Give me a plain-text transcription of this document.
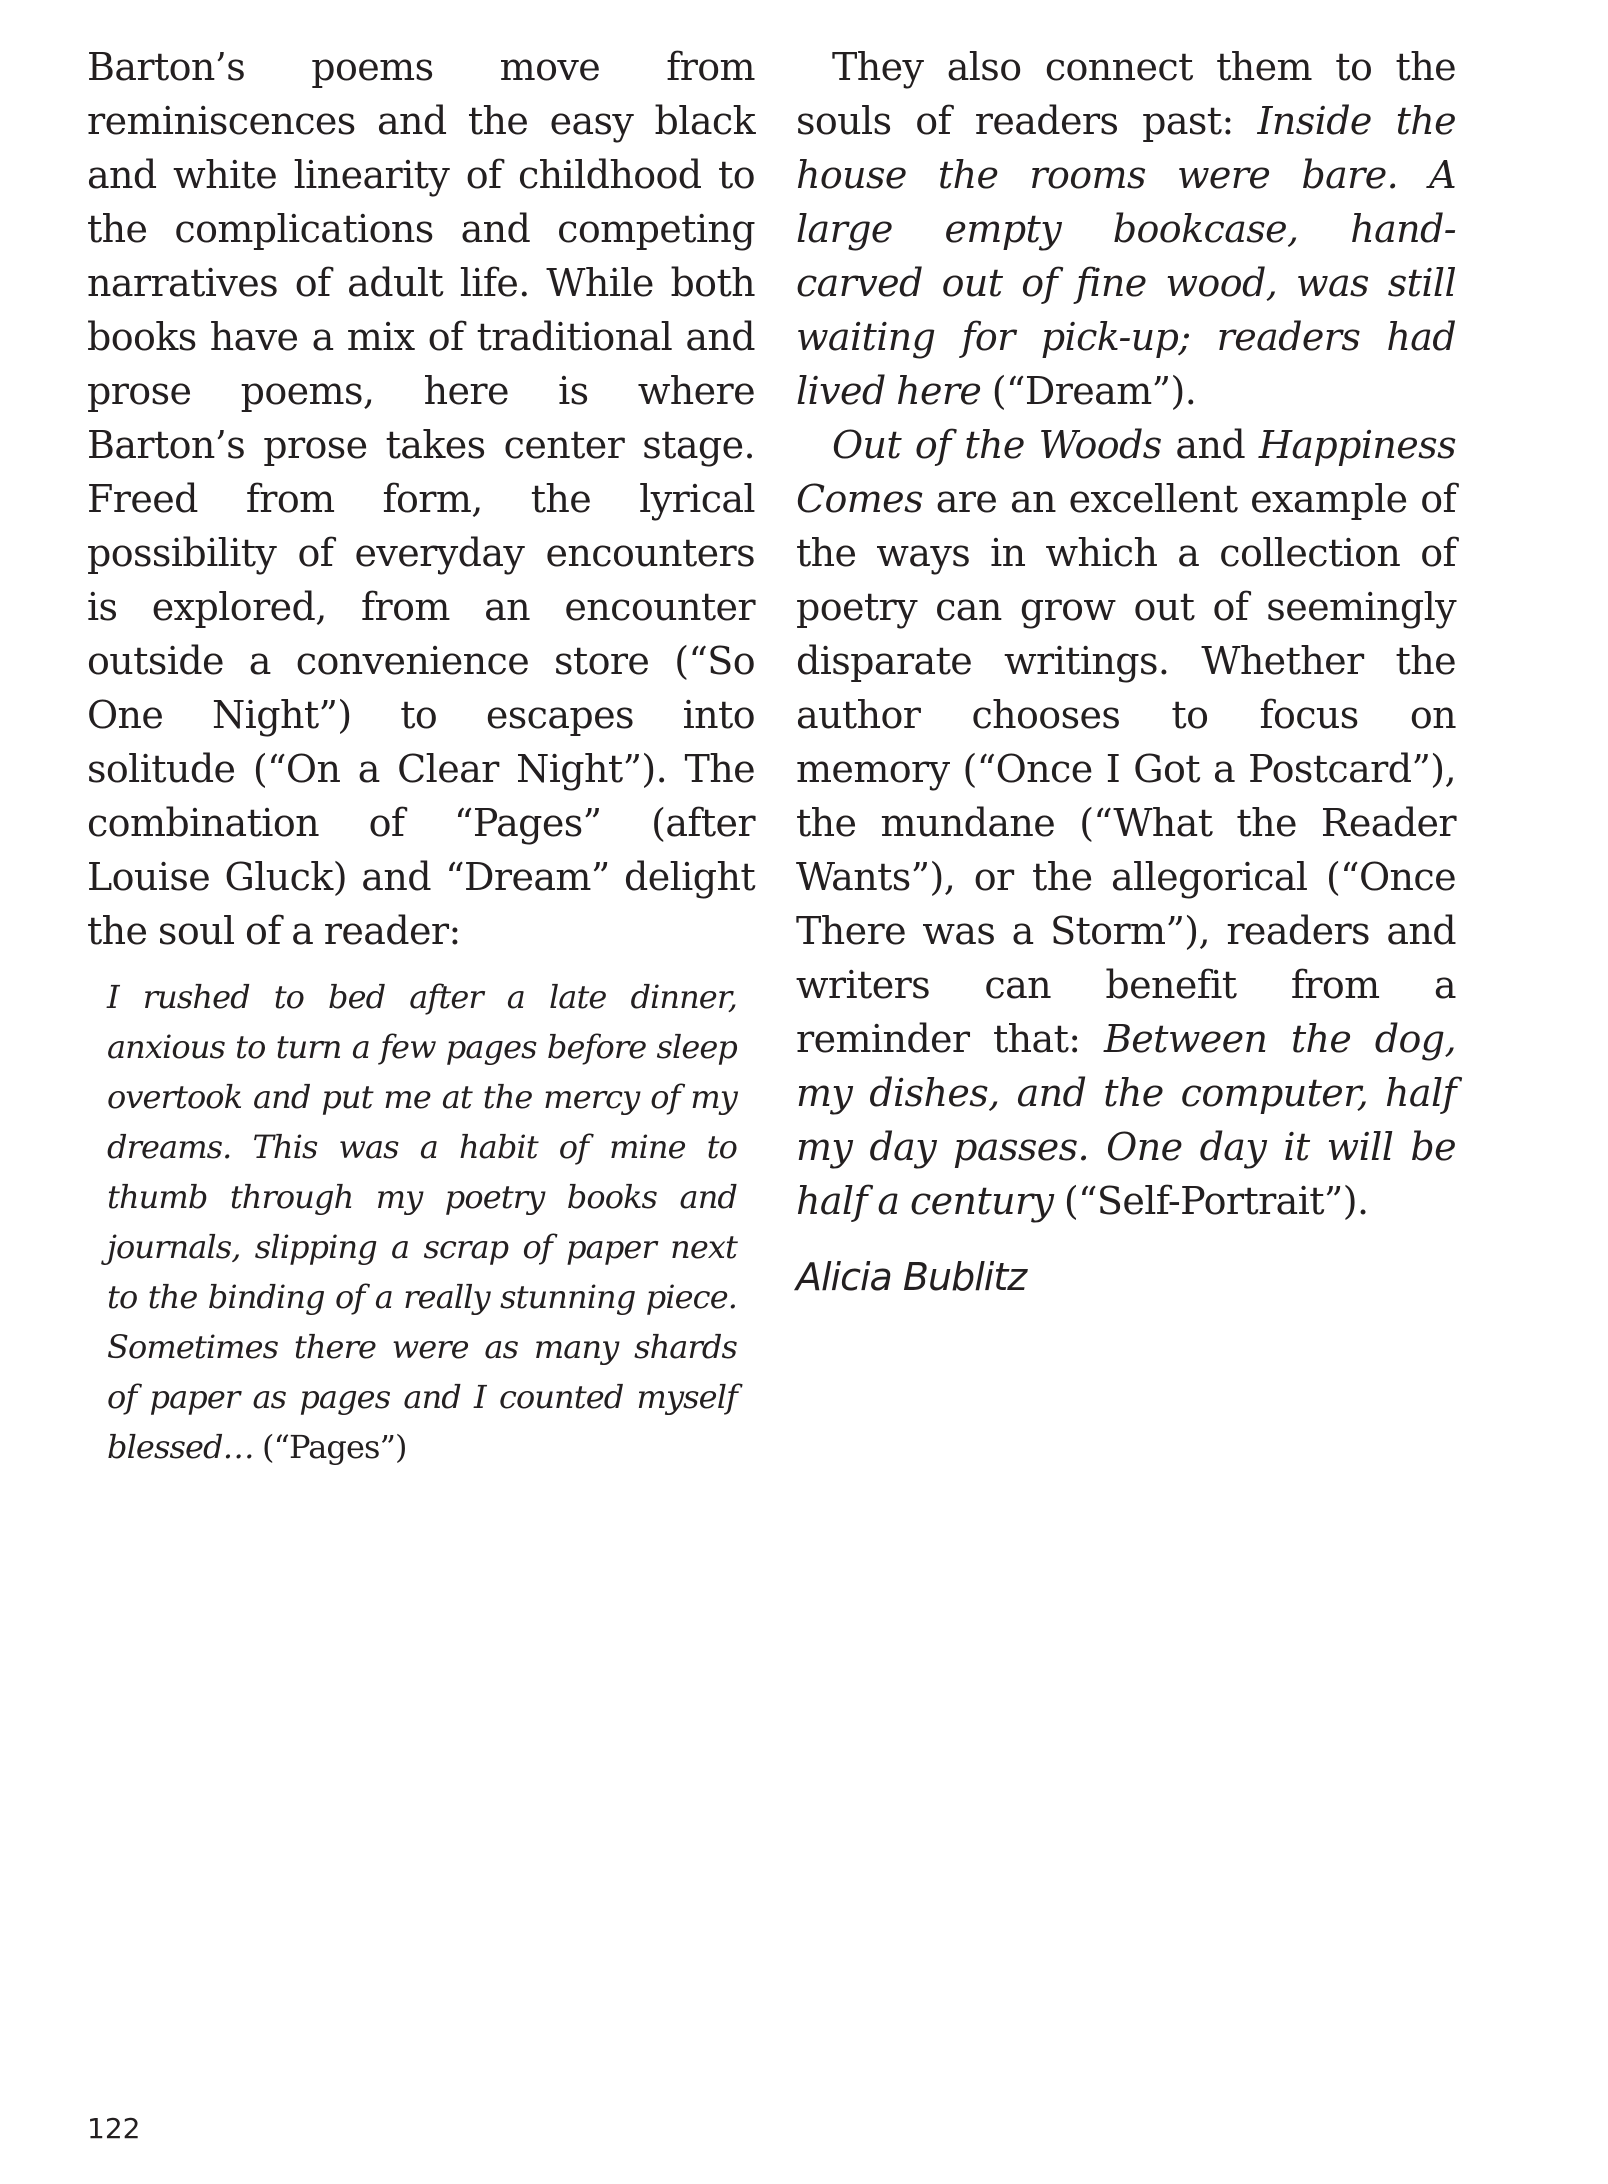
Barton’s poems move from reminiscences and the easy black and white linearity of childhood to the complications and competing narratives of adult life. While both books have a mix of traditional and prose poems, here is where Barton’s prose takes center stage. Freed from form, the lyrical possibility of everyday encounters is explored, from an encounter outside a convenience store (“So One Night”) to escapes into solitude (“On a Clear Night”). The combination of “Pages” (after Louise Gluck) and “Dream” delight the soul of a reader:

I rushed to bed after a late dinner, anxious to turn a few pages before sleep overtook and put me at the mercy of my dreams. This was a habit of mine to thumb through my poetry books and journals, slipping a scrap of paper next to the binding of a really stunning piece. Sometimes there were as many shards of paper as pages and I counted myself blessed… (“Pages”)

They also connect them to the souls of readers past: Inside the house the rooms were bare. A large empty bookcase, hand-carved out of fine wood, was still waiting for pick-up; readers had lived here (“Dream”).

Out of the Woods and Happiness Comes are an excellent example of the ways in which a collection of poetry can grow out of seemingly disparate writings. Whether the author chooses to focus on memory (“Once I Got a Postcard”), the mundane (“What the Reader Wants”), or the allegorical (“Once There was a Storm”), readers and writers can benefit from a reminder that: Between the dog, my dishes, and the computer, half my day passes. One day it will be half a century (“Self-Portrait”).

Alicia Bublitz
122
